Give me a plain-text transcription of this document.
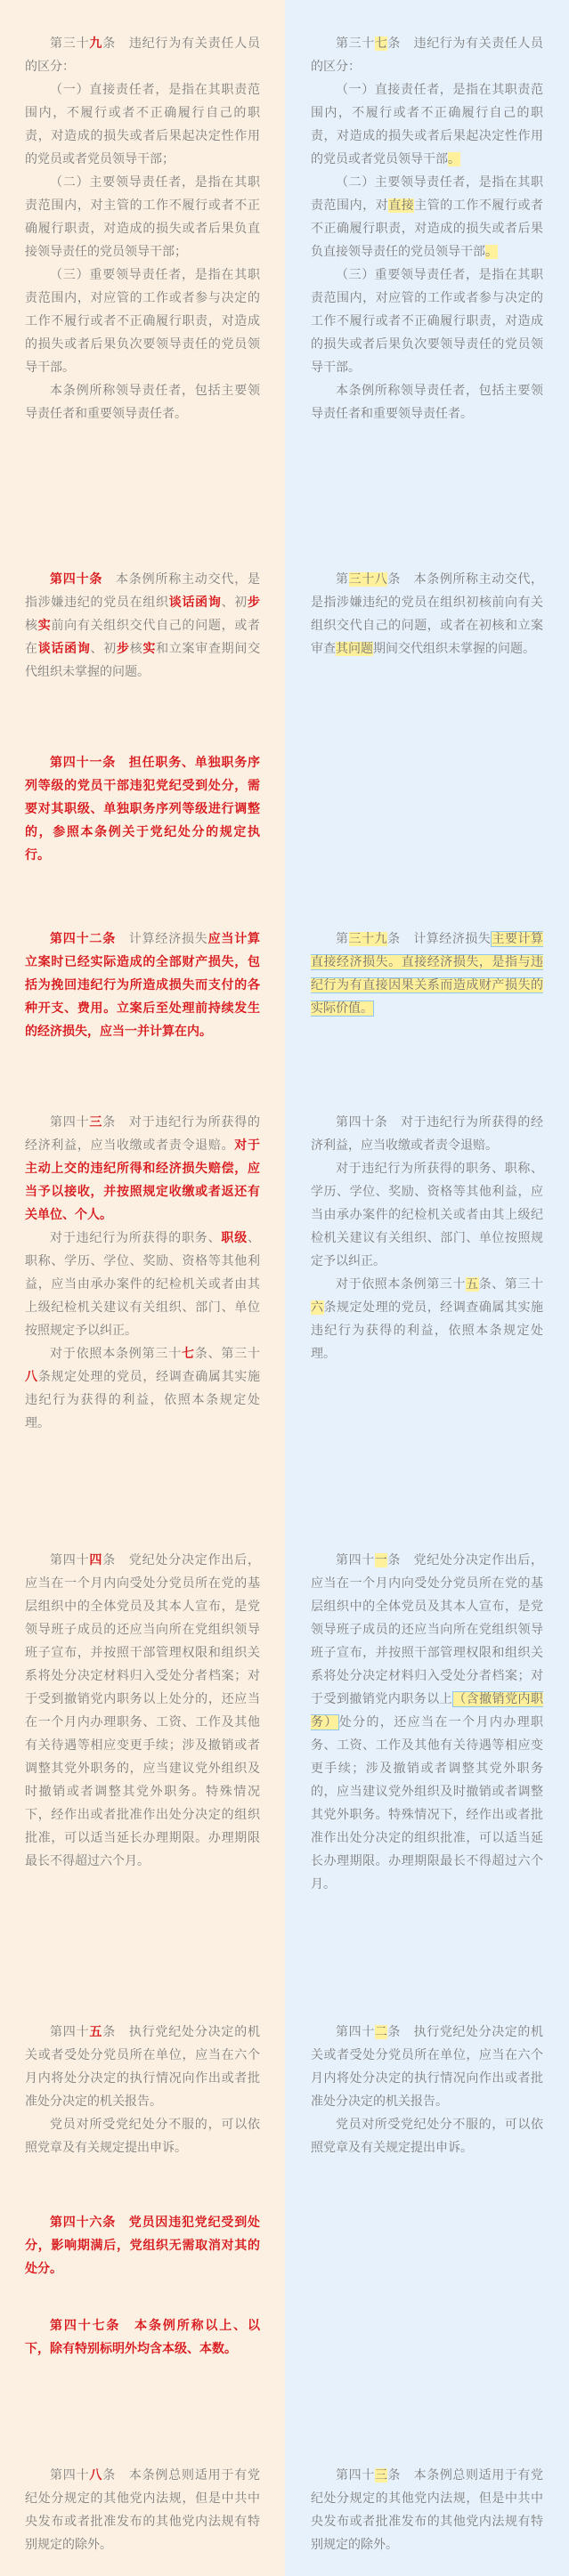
第三十九条　违纪行为有关责任人员的区分：

（一）直接责任者，是指在其职责范围内，不履行或者不正确履行自己的职责，对造成的损失或者后果起决定性作用的党员或者党员领导干部；

（二）主要领导责任者，是指在其职责范围内，对主管的工作不履行或者不正确履行职责，对造成的损失或者后果负直接领导责任的党员领导干部；

（三）重要领导责任者，是指在其职责范围内，对应管的工作或者参与决定的工作不履行或者不正确履行职责，对造成的损失或者后果负次要领导责任的党员领导干部。

本条例所称领导责任者，包括主要领导责任者和重要领导责任者。

第四十条　本条例所称主动交代，是指涉嫌违纪的党员在组织谈话函询、初步核实前向有关组织交代自己的问题，或者在谈话函询、初步核实和立案审查期间交代组织未掌握的问题。

第四十一条　担任职务、单独职务序列等级的党员干部违犯党纪受到处分，需要对其职级、单独职务序列等级进行调整的，参照本条例关于党纪处分的规定执行。

第四十二条　计算经济损失应当计算立案时已经实际造成的全部财产损失，包括为挽回违纪行为所造成损失而支付的各种开支、费用。立案后至处理前持续发生的经济损失，应当一并计算在内。

第四十三条　对于违纪行为所获得的经济利益，应当收缴或者责令退赔。对于主动上交的违纪所得和经济损失赔偿，应当予以接收，并按照规定收缴或者返还有关单位、个人。

对于违纪行为所获得的职务、职级、职称、学历、学位、奖励、资格等其他利益，应当由承办案件的纪检机关或者由其上级纪检机关建议有关组织、部门、单位按照规定予以纠正。

对于依照本条例第三十七条、第三十八条规定处理的党员，经调查确属其实施违纪行为获得的利益，依照本条规定处理。

第四十四条　党纪处分决定作出后，应当在一个月内向受处分党员所在党的基层组织中的全体党员及其本人宣布，是党领导班子成员的还应当向所在党组织领导班子宣布，并按照干部管理权限和组织关系将处分决定材料归入受处分者档案；对于受到撤销党内职务以上处分的，还应当在一个月内办理职务、工资、工作及其他有关待遇等相应变更手续；涉及撤销或者调整其党外职务的，应当建议党外组织及时撤销或者调整其党外职务。特殊情况下，经作出或者批准作出处分决定的组织批准，可以适当延长办理期限。办理期限最长不得超过六个月。

第四十五条　执行党纪处分决定的机关或者受处分党员所在单位，应当在六个月内将处分决定的执行情况向作出或者批准处分决定的机关报告。

党员对所受党纪处分不服的，可以依照党章及有关规定提出申诉。

第四十六条　党员因违犯党纪受到处分，影响期满后，党组织无需取消对其的处分。

第四十七条　本条例所称以上、以下，除有特别标明外均含本级、本数。

第四十八条　本条例总则适用于有党纪处分规定的其他党内法规，但是中共中央发布或者批准发布的其他党内法规有特别规定的除外。

第三十七条　违纪行为有关责任人员的区分：

（一）直接责任者，是指在其职责范围内，不履行或者不正确履行自己的职责，对造成的损失或者后果起决定性作用的党员或者党员领导干部。

（二）主要领导责任者，是指在其职责范围内，对直接主管的工作不履行或者不正确履行职责，对造成的损失或者后果负直接领导责任的党员领导干部。

（三）重要领导责任者，是指在其职责范围内，对应管的工作或者参与决定的工作不履行或者不正确履行职责，对造成的损失或者后果负次要领导责任的党员领导干部。

本条例所称领导责任者，包括主要领导责任者和重要领导责任者。

第三十八条　本条例所称主动交代，是指涉嫌违纪的党员在组织初核前向有关组织交代自己的问题，或者在初核和立案审查其问题期间交代组织未掌握的问题。

第三十九条　计算经济损失主要计算直接经济损失。直接经济损失，是指与违纪行为有直接因果关系而造成财产损失的实际价值。

第四十条　对于违纪行为所获得的经济利益，应当收缴或者责令退赔。

对于违纪行为所获得的职务、职称、学历、学位、奖励、资格等其他利益，应当由承办案件的纪检机关或者由其上级纪检机关建议有关组织、部门、单位按照规定予以纠正。

对于依照本条例第三十五条、第三十六条规定处理的党员，经调查确属其实施违纪行为获得的利益，依照本条规定处理。

第四十一条　党纪处分决定作出后，应当在一个月内向受处分党员所在党的基层组织中的全体党员及其本人宣布，是党领导班子成员的还应当向所在党组织领导班子宣布，并按照干部管理权限和组织关系将处分决定材料归入受处分者档案；对于受到撤销党内职务以上（含撤销党内职务）处分的，还应当在一个月内办理职务、工资、工作及其他有关待遇等相应变更手续；涉及撤销或者调整其党外职务的，应当建议党外组织及时撤销或者调整其党外职务。特殊情况下，经作出或者批准作出处分决定的组织批准，可以适当延长办理期限。办理期限最长不得超过六个月。

第四十二条　执行党纪处分决定的机关或者受处分党员所在单位，应当在六个月内将处分决定的执行情况向作出或者批准处分决定的机关报告。

党员对所受党纪处分不服的，可以依照党章及有关规定提出申诉。

第四十三条　本条例总则适用于有党纪处分规定的其他党内法规，但是中共中央发布或者批准发布的其他党内法规有特别规定的除外。
